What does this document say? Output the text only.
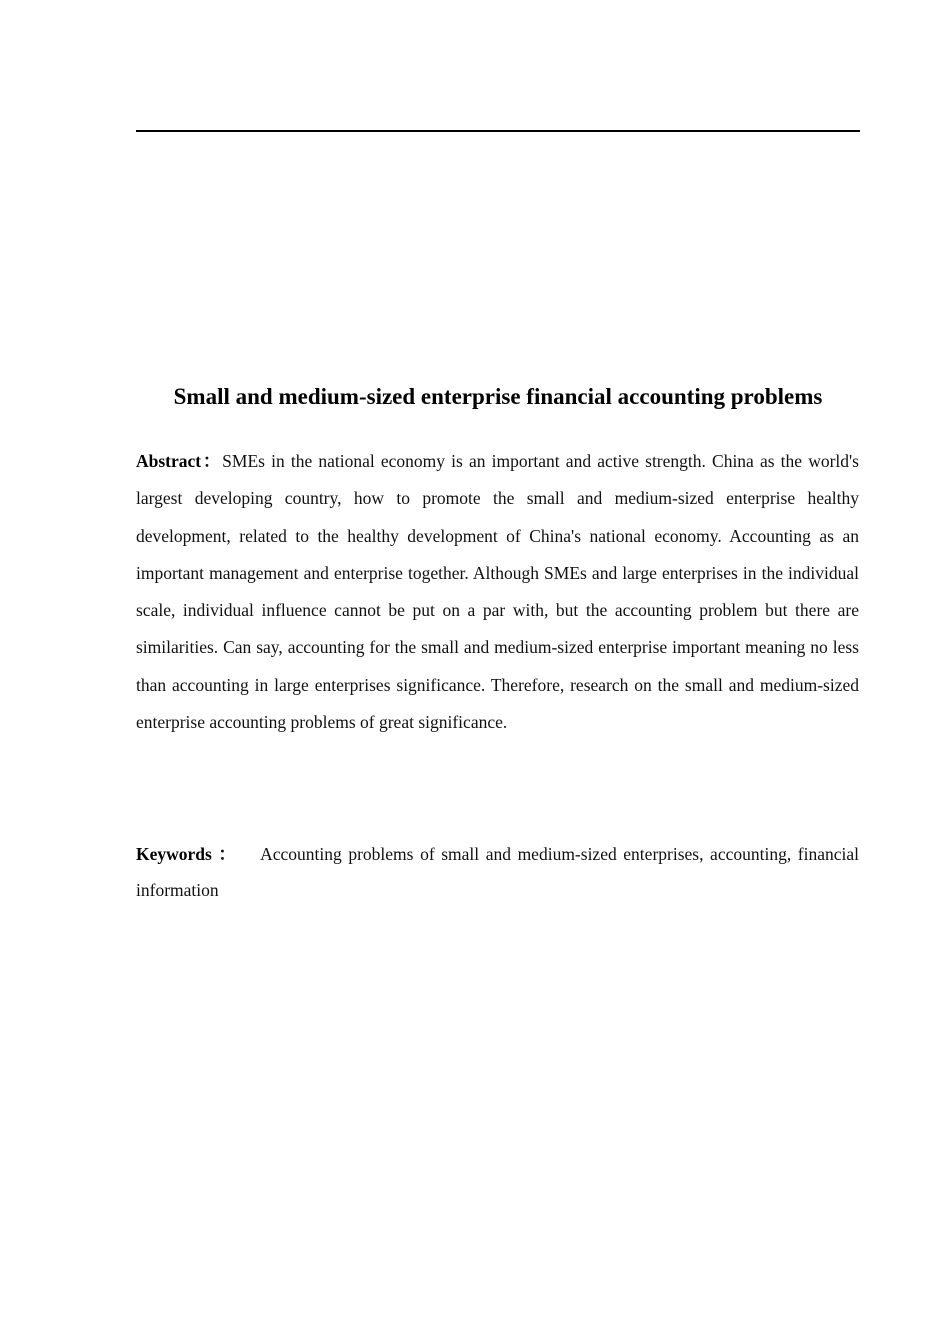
Small and medium-sized enterprise financial accounting problems

Abstract：SMEs in the national economy is an important and active strength. China as the world's largest developing country, how to promote the small and medium-sized enterprise healthy development, related to the healthy development of China's national economy. Accounting as an important management and enterprise together. Although SMEs and large enterprises in the individual scale, individual influence cannot be put on a par with, but the accounting problem but there are similarities. Can say, accounting for the small and medium-sized enterprise important meaning no less than accounting in large enterprises significance. Therefore, research on the small and medium-sized enterprise accounting problems of great significance.

Keywords ： Accounting problems of small and medium-sized enterprises, accounting, financial information
